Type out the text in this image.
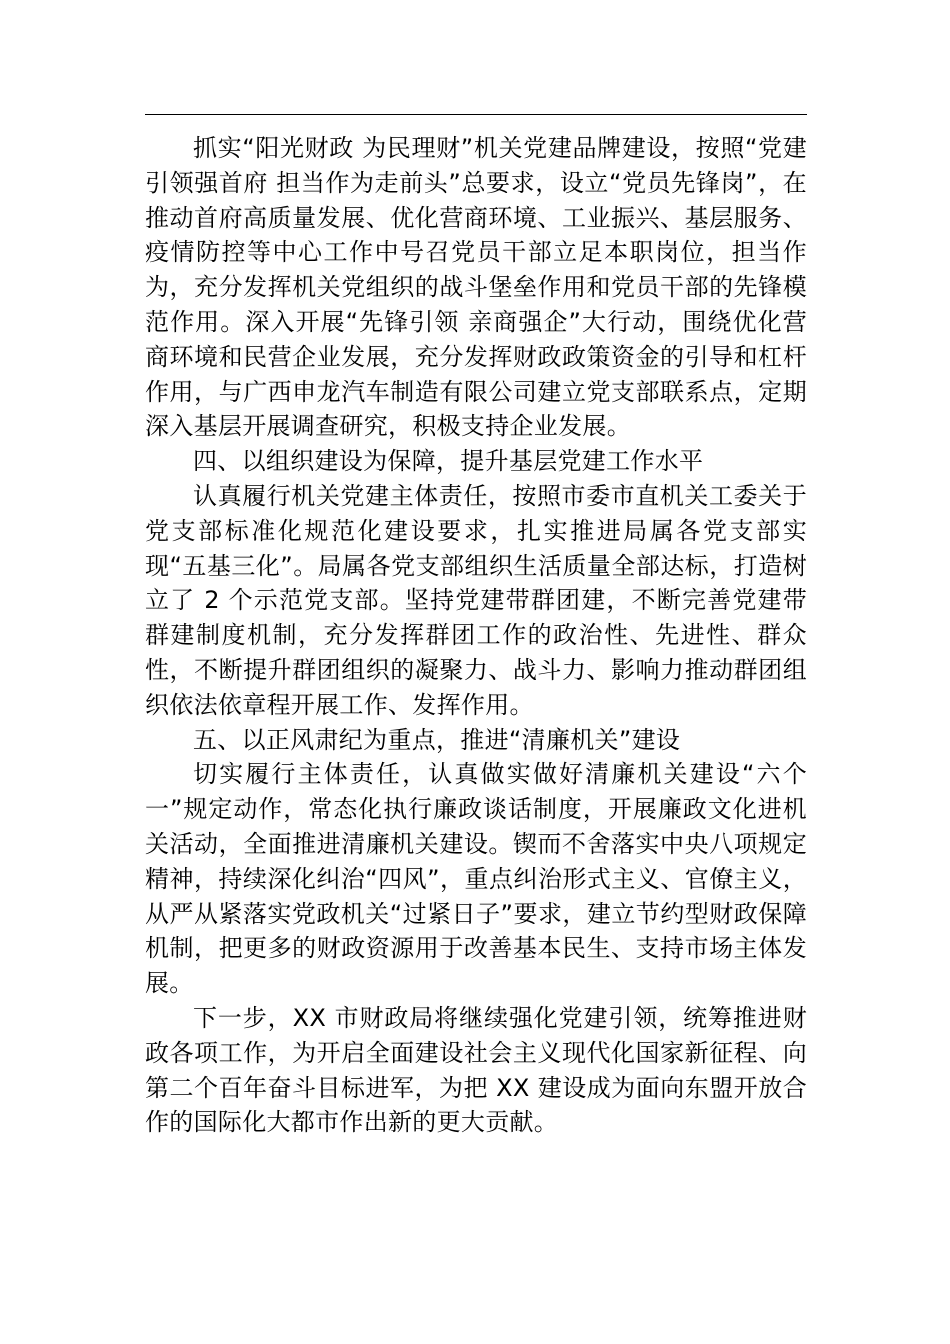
抓实“阳光财政 为民理财”机关党建品牌建设，按照“党建引领强首府 担当作为走前头”总要求，设立“党员先锋岗”，在推动首府高质量发展、优化营商环境、工业振兴、基层服务、疫情防控等中心工作中号召党员干部立足本职岗位，担当作为，充分发挥机关党组织的战斗堡垒作用和党员干部的先锋模范作用。深入开展“先锋引领 亲商强企”大行动，围绕优化营商环境和民营企业发展，充分发挥财政政策资金的引导和杠杆作用，与广西申龙汽车制造有限公司建立党支部联系点，定期深入基层开展调查研究，积极支持企业发展。

四、以组织建设为保障，提升基层党建工作水平

认真履行机关党建主体责任，按照市委市直机关工委关于党支部标准化规范化建设要求，扎实推进局属各党支部实现“五基三化”。局属各党支部组织生活质量全部达标，打造树立了 2 个示范党支部。坚持党建带群团建，不断完善党建带群建制度机制，充分发挥群团工作的政治性、先进性、群众性，不断提升群团组织的凝聚力、战斗力、影响力推动群团组织依法依章程开展工作、发挥作用。

五、以正风肃纪为重点，推进“清廉机关”建设

切实履行主体责任，认真做实做好清廉机关建设“六个一”规定动作，常态化执行廉政谈话制度，开展廉政文化进机关活动，全面推进清廉机关建设。锲而不舍落实中央八项规定精神，持续深化纠治“四风”，重点纠治形式主义、官僚主义，从严从紧落实党政机关“过紧日子”要求，建立节约型财政保障机制，把更多的财政资源用于改善基本民生、支持市场主体发展。

下一步，XX 市财政局将继续强化党建引领，统筹推进财政各项工作，为开启全面建设社会主义现代化国家新征程、向第二个百年奋斗目标进军，为把 XX 建设成为面向东盟开放合作的国际化大都市作出新的更大贡献。
